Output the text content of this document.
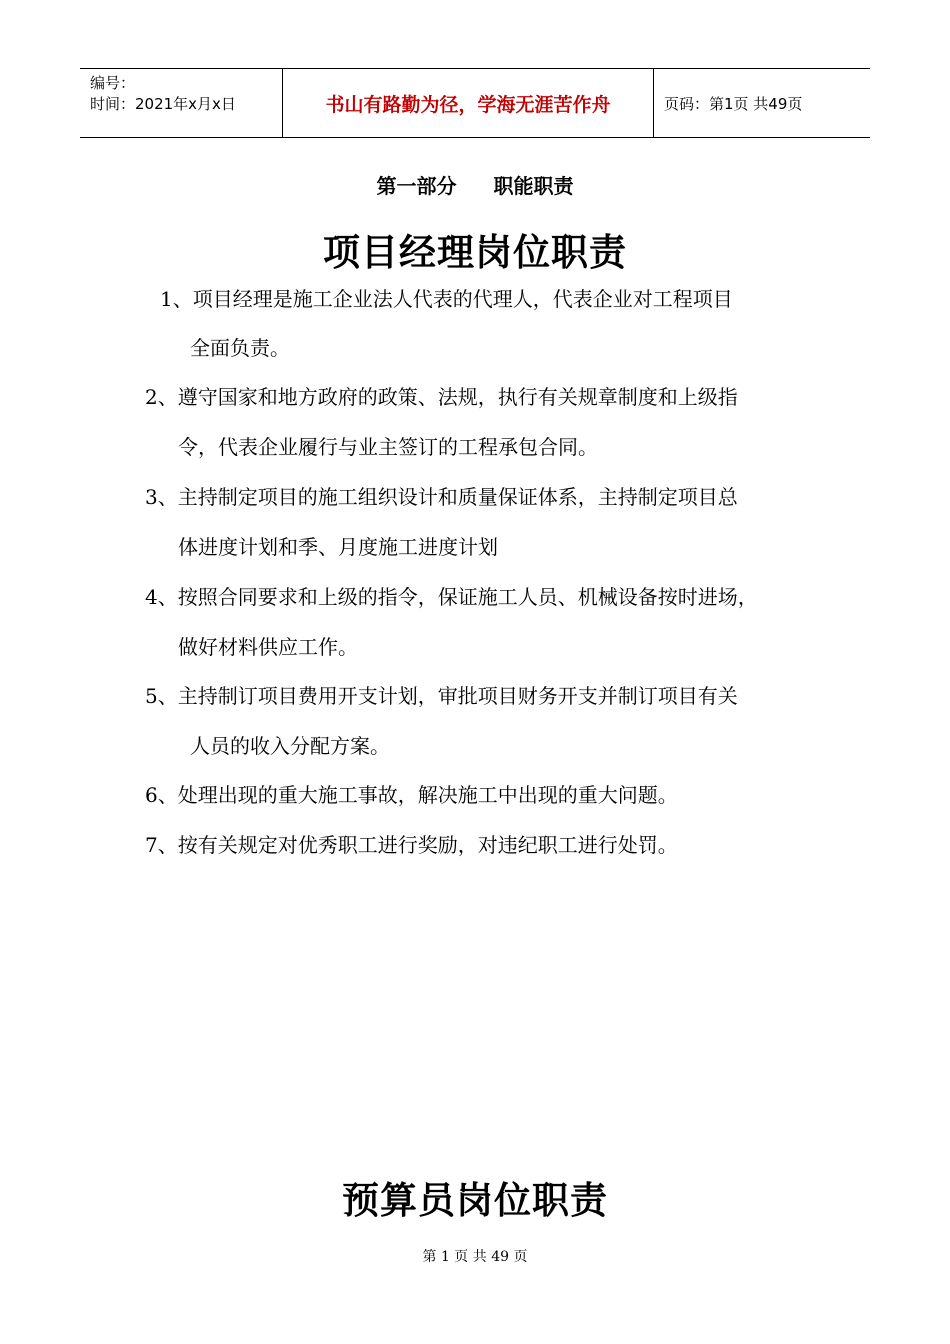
编号：
时间：2021年x月x日	书山有路勤为径，学海无涯苦作舟	页码：第1页 共49页
第一部分 职能职责
项目经理岗位职责
1、项目经理是施工企业法人代表的代理人，代表企业对工程项目
全面负责。
2、遵守国家和地方政府的政策、法规，执行有关规章制度和上级指
令，代表企业履行与业主签订的工程承包合同。
3、主持制定项目的施工组织设计和质量保证体系，主持制定项目总
体进度计划和季、月度施工进度计划
4、按照合同要求和上级的指令，保证施工人员、机械设备按时进场，
做好材料供应工作。
5、主持制订项目费用开支计划，审批项目财务开支并制订项目有关
人员的收入分配方案。
6、处理出现的重大施工事故，解决施工中出现的重大问题。
7、按有关规定对优秀职工进行奖励，对违纪职工进行处罚。
预算员岗位职责
第 1 页 共 49 页
